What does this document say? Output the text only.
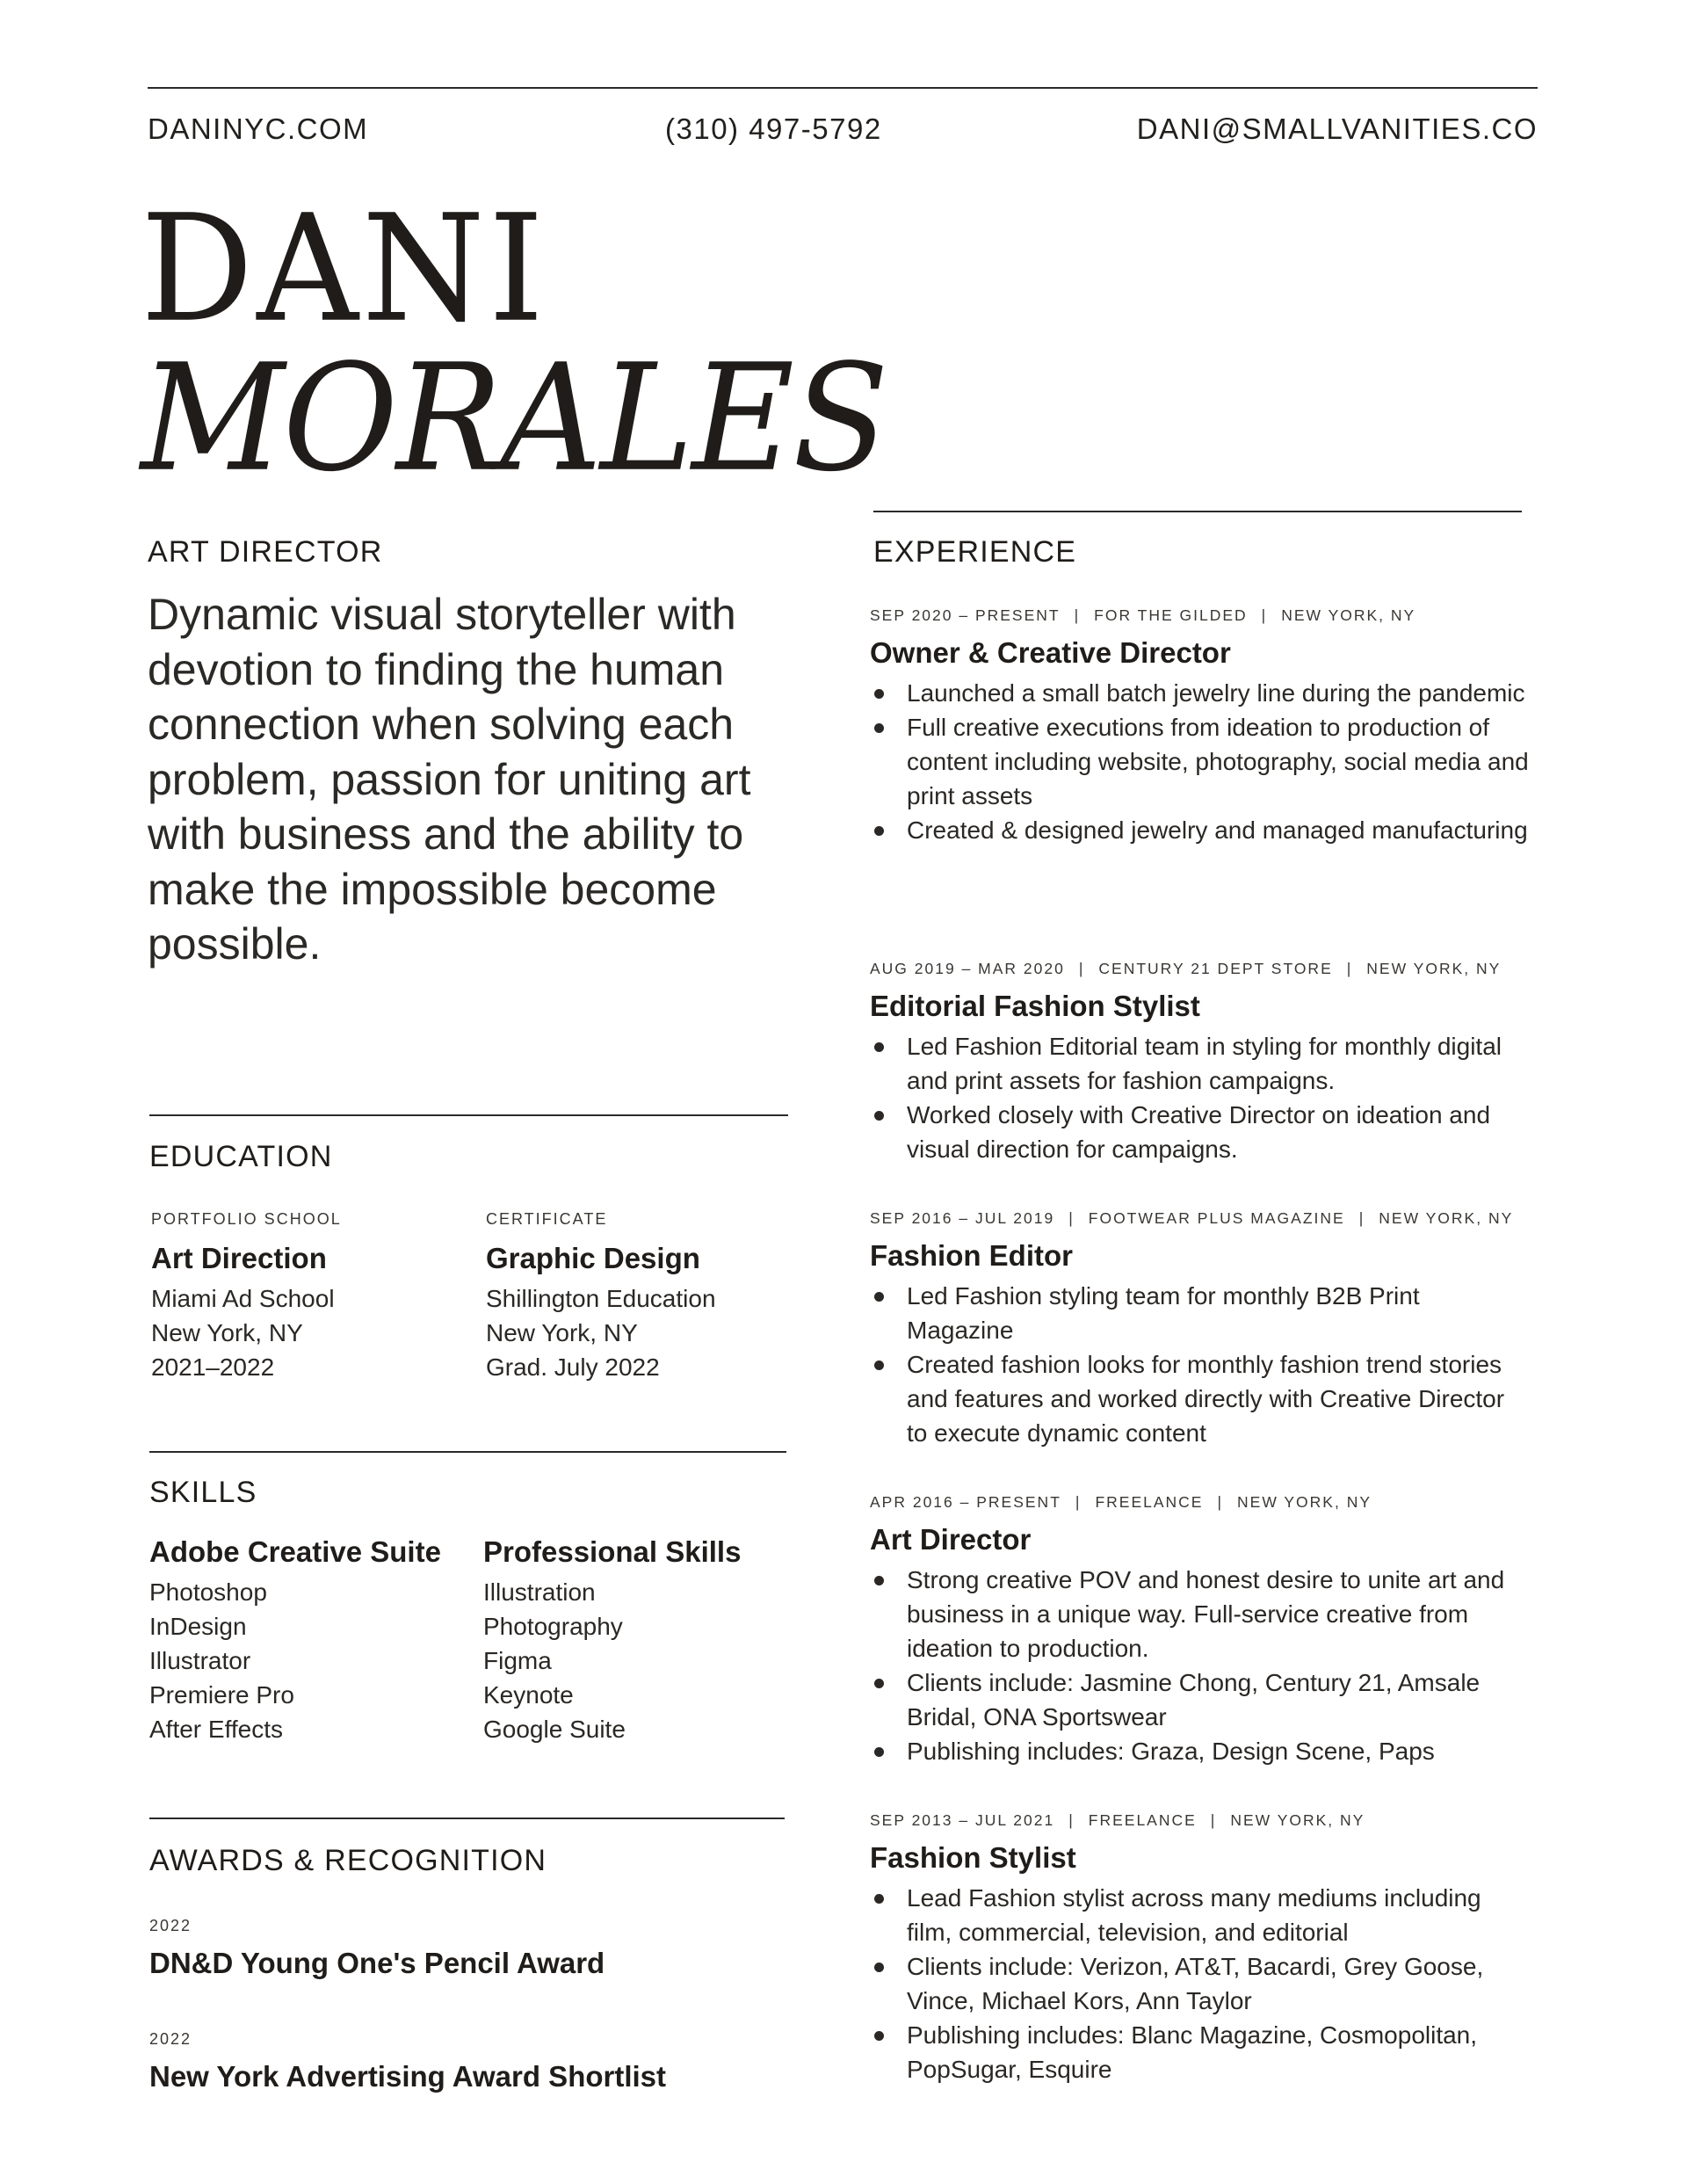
DANINYC.COM	(310) 497-5792	DANI@SMALLVANITIES.CO
DANI
MORALES
ART DIRECTOR
Dynamic visual storyteller with devotion to finding the human connection when solving each problem, passion for uniting art with business and the ability to make the impossible become possible.
EDUCATION
PORTFOLIO SCHOOL
Art Direction
Miami Ad School
New York, NY
2021–2022
CERTIFICATE
Graphic Design
Shillington Education
New York, NY
Grad. July 2022
SKILLS
Adobe Creative Suite
Photoshop
InDesign
Illustrator
Premiere Pro
After Effects
Professional Skills
Illustration
Photography
Figma
Keynote
Google Suite
AWARDS & RECOGNITION
2022
DN&D Young One's Pencil Award
2022
New York Advertising Award Shortlist
EXPERIENCE
SEP 2020 – PRESENT | FOR THE GILDED | NEW YORK, NY
Owner & Creative Director
Launched a small batch jewelry line during the pandemic
Full creative executions from ideation to production of content including website, photography, social media and print assets
Created & designed jewelry and managed manufacturing
AUG 2019 – MAR 2020 | CENTURY 21 DEPT STORE | NEW YORK, NY
Editorial Fashion Stylist
Led Fashion Editorial team in styling for monthly digital and print assets for fashion campaigns.
Worked closely with Creative Director on ideation and visual direction for campaigns.
SEP 2016 – JUL 2019 | FOOTWEAR PLUS MAGAZINE | NEW YORK, NY
Fashion Editor
Led Fashion styling team for monthly B2B Print Magazine
Created fashion looks for monthly fashion trend stories and features and worked directly with Creative Director to execute dynamic content
APR 2016 – PRESENT | FREELANCE | NEW YORK, NY
Art Director
Strong creative POV and honest desire to unite art and business in a unique way. Full-service creative from ideation to production.
Clients include: Jasmine Chong, Century 21, Amsale Bridal, ONA Sportswear
Publishing includes: Graza, Design Scene, Paps
SEP 2013 – JUL 2021 | FREELANCE | NEW YORK, NY
Fashion Stylist
Lead Fashion stylist across many mediums including film, commercial, television, and editorial
Clients include: Verizon, AT&T, Bacardi, Grey Goose, Vince, Michael Kors, Ann Taylor
Publishing includes: Blanc Magazine, Cosmopolitan, PopSugar, Esquire
